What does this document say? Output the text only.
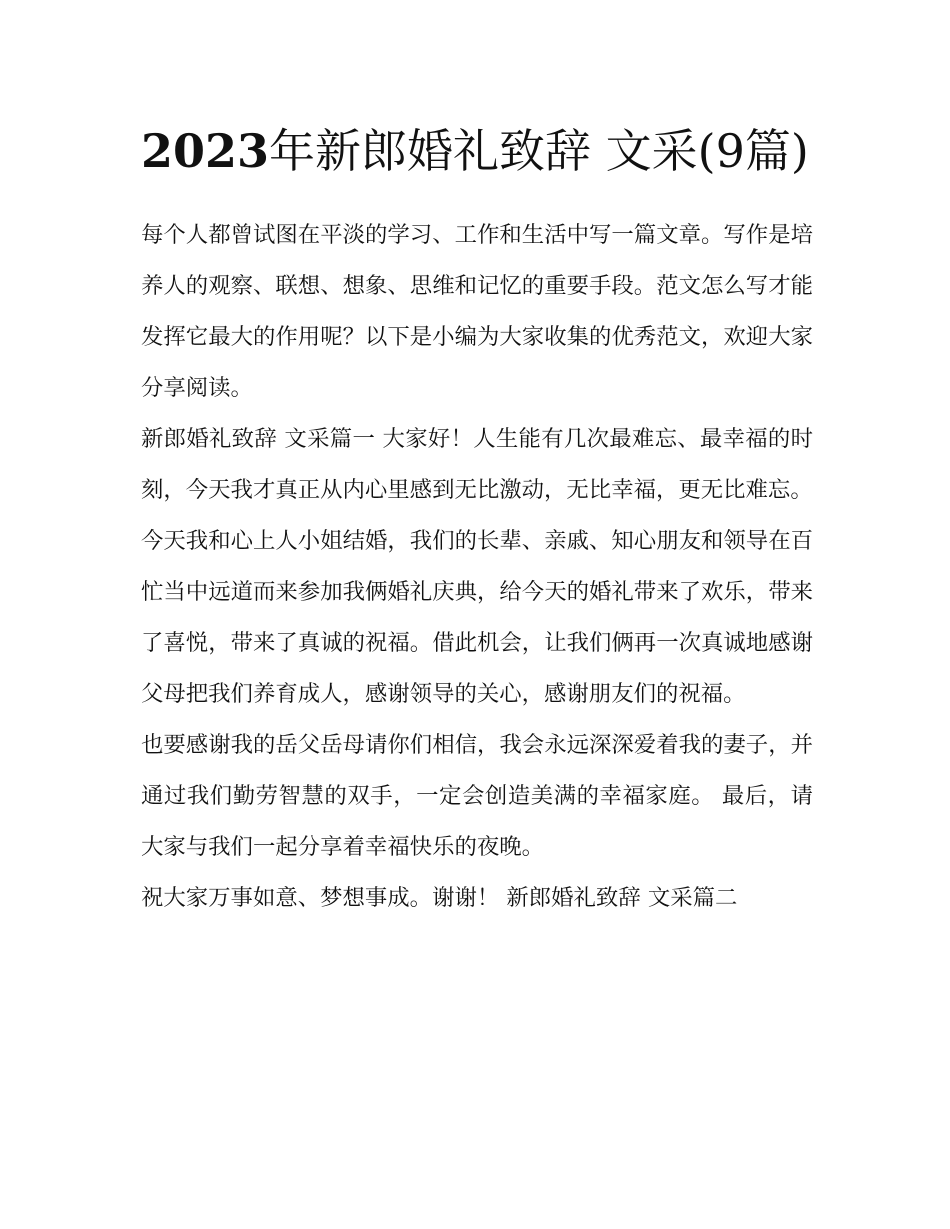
2023年新郎婚礼致辞 文采(9篇)

每个人都曾试图在平淡的学习、工作和生活中写一篇文章。写作是培养人的观察、联想、想象、思维和记忆的重要手段。范文怎么写才能发挥它最大的作用呢？以下是小编为大家收集的优秀范文，欢迎大家分享阅读。

新郎婚礼致辞 文采篇一 大家好！人生能有几次最难忘、最幸福的时刻，今天我才真正从内心里感到无比激动，无比幸福，更无比难忘。

今天我和心上人小姐结婚，我们的长辈、亲戚、知心朋友和领导在百忙当中远道而来参加我俩婚礼庆典，给今天的婚礼带来了欢乐，带来了喜悦，带来了真诚的祝福。借此机会，让我们俩再一次真诚地感谢父母把我们养育成人，感谢领导的关心，感谢朋友们的祝福。

也要感谢我的岳父岳母请你们相信，我会永远深深爱着我的妻子，并通过我们勤劳智慧的双手，一定会创造美满的幸福家庭。 最后，请大家与我们一起分享着幸福快乐的夜晚。

祝大家万事如意、梦想事成。谢谢！ 新郎婚礼致辞 文采篇二
